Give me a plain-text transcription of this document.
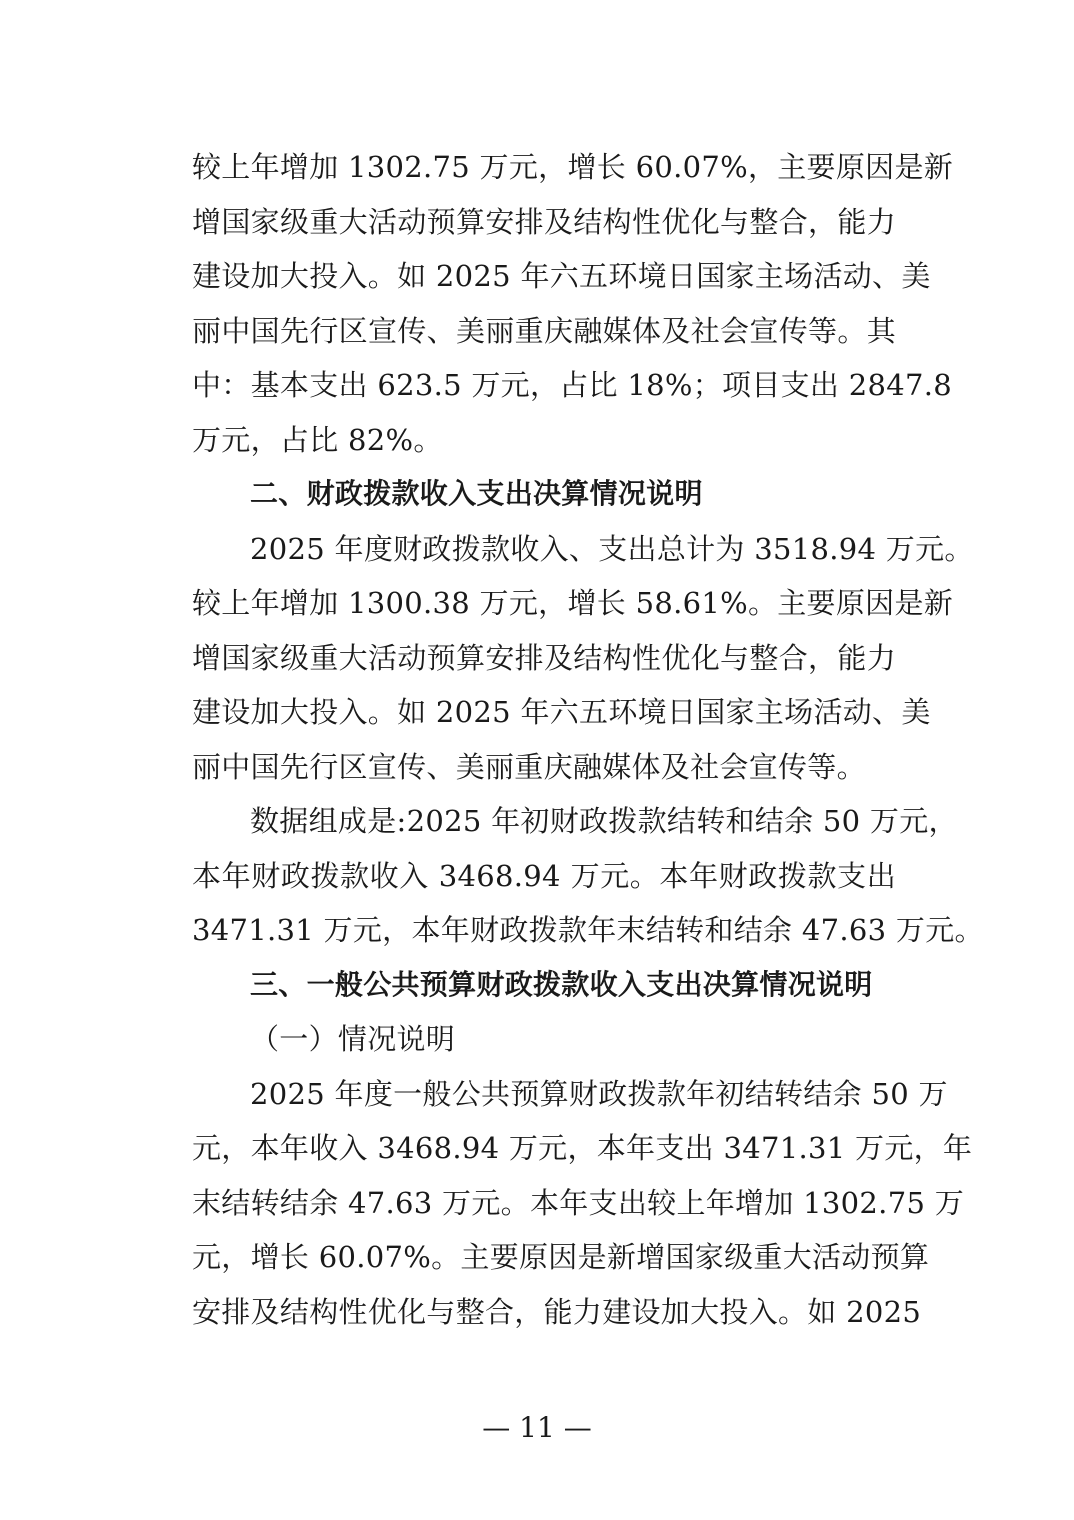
较上年增加 1302.75 万元，增长 60.07%，主要原因是新
增国家级重大活动预算安排及结构性优化与整合，能力
建设加大投入。如 2025 年六五环境日国家主场活动、美
丽中国先行区宣传、美丽重庆融媒体及社会宣传等。其
中：基本支出 623.5 万元，占比 18%；项目支出 2847.8
万元，占比 82%。
二、财政拨款收入支出决算情况说明
2025 年度财政拨款收入、支出总计为 3518.94 万元。
较上年增加 1300.38 万元，增长 58.61%。主要原因是新
增国家级重大活动预算安排及结构性优化与整合，能力
建设加大投入。如 2025 年六五环境日国家主场活动、美
丽中国先行区宣传、美丽重庆融媒体及社会宣传等。
数据组成是:2025 年初财政拨款结转和结余 50 万元，
本年财政拨款收入 3468.94 万元。本年财政拨款支出
3471.31 万元，本年财政拨款年末结转和结余 47.63 万元。
三、一般公共预算财政拨款收入支出决算情况说明
（一）情况说明
2025 年度一般公共预算财政拨款年初结转结余 50 万
元，本年收入 3468.94 万元，本年支出 3471.31 万元，年
末结转结余 47.63 万元。本年支出较上年增加 1302.75 万
元，增长 60.07%。主要原因是新增国家级重大活动预算
安排及结构性优化与整合，能力建设加大投入。如 2025
— 11 —
